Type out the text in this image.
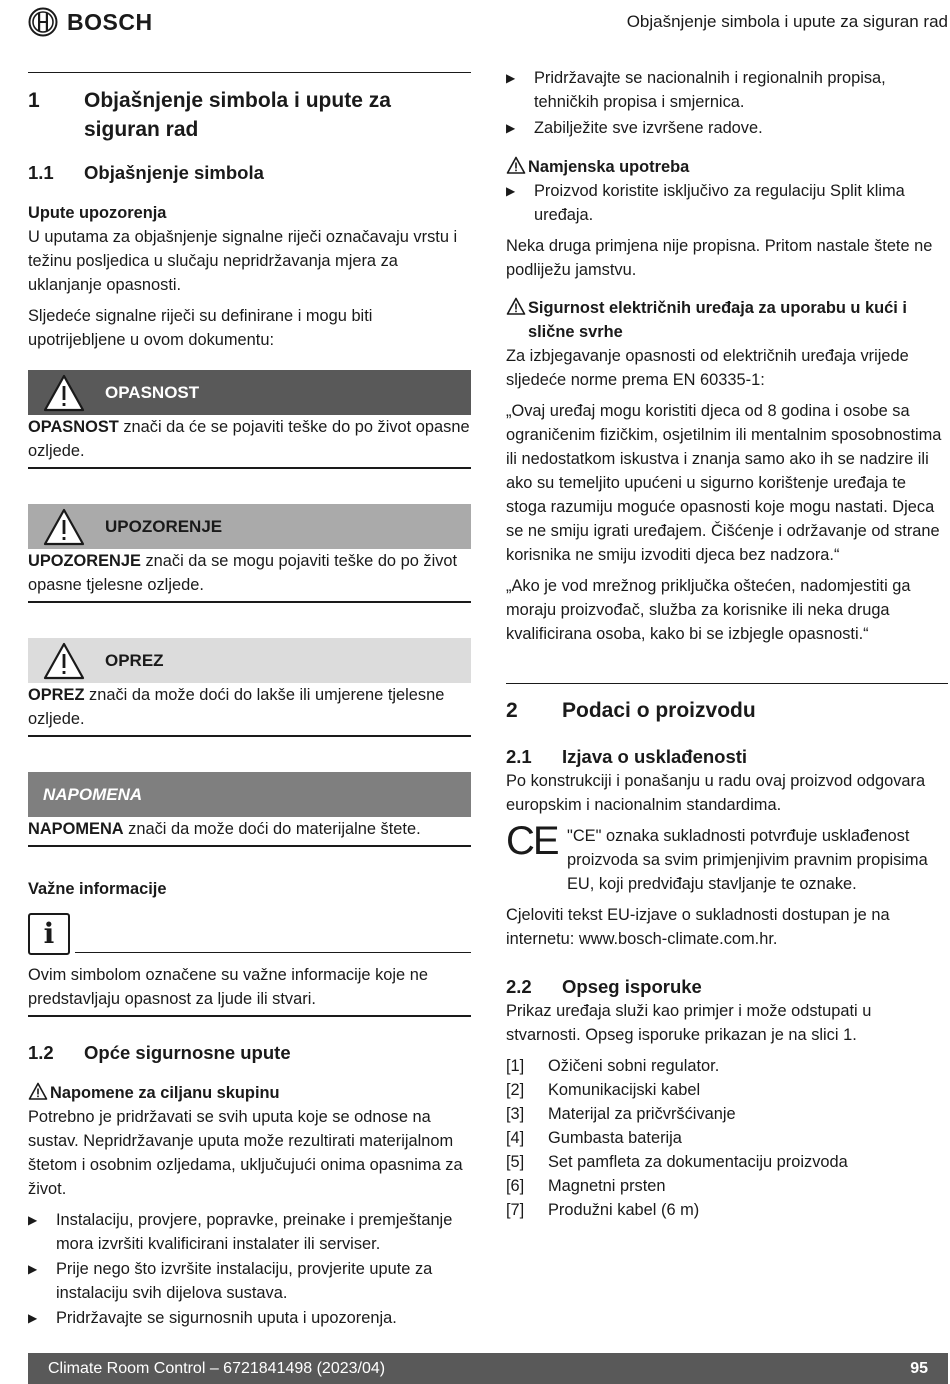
BOSCH	Objašnjenje simbola i upute za siguran rad
1	Objašnjenje simbola i upute za siguran rad
1.1	Objašnjenje simbola
Upute upozorenja

U uputama za objašnjenje signalne riječi označavaju vrstu i težinu posljedica u slučaju nepridržavanja mjera za uklanjanje opasnosti.

Sljedeće signalne riječi su definirane i mogu biti upotrijebljene u ovom dokumentu:

OPASNOST

OPASNOST znači da će se pojaviti teške do po život opasne ozljede.

UPOZORENJE

UPOZORENJE znači da se mogu pojaviti teške do po život opasne tjelesne ozljede.

OPREZ

OPREZ znači da može doći do lakše ili umjerene tjelesne ozljede.

NAPOMENA

NAPOMENA znači da može doći do materijalne štete.

Važne informacije
i

Ovim simbolom označene su važne informacije koje ne predstavljaju opasnost za ljude ili stvari.

1.2	Opće sigurnosne upute
Napomene za ciljanu skupinu

Potrebno je pridržavati se svih uputa koje se odnose na sustav. Nepridržavanje uputa može rezultirati materijalnom štetom i osobnim ozljedama, uključujući onima opasnima za život.

▶	Instalaciju, provjere, popravke, preinake i premještanje mora izvršiti kvalificirani instalater ili serviser.
▶	Prije nego što izvršite instalaciju, provjerite upute za instalaciju svih dijelova sustava.
▶	Pridržavajte se sigurnosnih uputa i upozorenja.
▶	Pridržavajte se nacionalnih i regionalnih propisa, tehničkih propisa i smjernica.
▶	Zabilježite sve izvršene radove.
Namjenska upotreba
▶	Proizvod koristite isključivo za regulaciju Split klima uređaja.

Neka druga primjena nije propisna. Pritom nastale štete ne podliježu jamstvu.

Sigurnost električnih uređaja za uporabu u kući i slične svrhe

Za izbjegavanje opasnosti od električnih uređaja vrijede sljedeće norme prema EN 60335-1:

„Ovaj uređaj mogu koristiti djeca od 8 godina i osobe sa ograničenim fizičkim, osjetilnim ili mentalnim sposobnostima ili nedostatkom iskustva i znanja samo ako ih se nadzire ili ako su temeljito upućeni u sigurno korištenje uređaja te stoga razumiju moguće opasnosti koje mogu nastati. Djeca se ne smiju igrati uređajem. Čišćenje i održavanje od strane korisnika ne smiju izvoditi djeca bez nadzora.“

„Ako je vod mrežnog priključka oštećen, nadomjestiti ga moraju proizvođač, služba za korisnike ili neka druga kvalificirana osoba, kako bi se izbjegle opasnosti.“

2	Podaci o proizvodu
2.1	Izjava o usklađenosti

Po konstrukciji i ponašanju u radu ovaj proizvod odgovara europskim i nacionalnim standardima.

CE "CE" oznaka sukladnosti potvrđuje usklađenost proizvoda sa svim primjenjivim pravnim propisima EU, koji predviđaju stavljanje te oznake.

Cjeloviti tekst EU-izjave o sukladnosti dostupan je na internetu: www.bosch-climate.com.hr.

2.2	Opseg isporuke

Prikaz uređaja služi kao primjer i može odstupati u stvarnosti. Opseg isporuke prikazan je na slici 1.

[1]	Ožičeni sobni regulator.
[2]	Komunikacijski kabel
[3]	Materijal za pričvršćivanje
[4]	Gumbasta baterija
[5]	Set pamfleta za dokumentaciju proizvoda
[6]	Magnetni prsten
[7]	Produžni kabel (6 m)
Climate Room Control – 6721841498 (2023/04)	95
